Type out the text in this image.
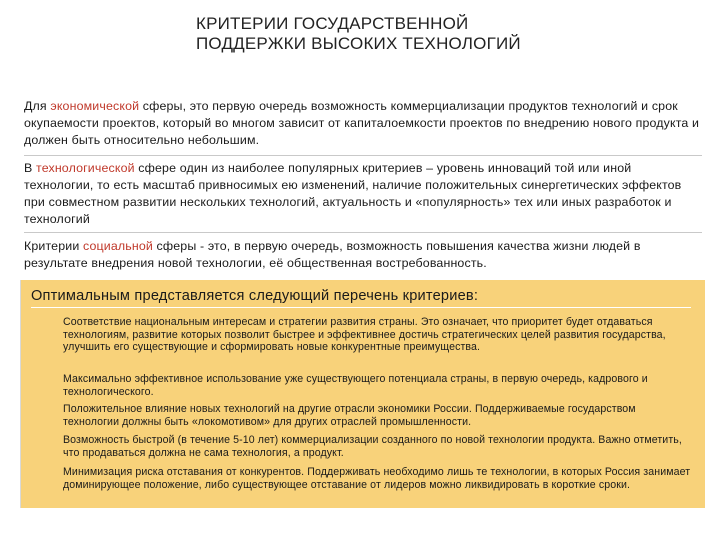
КРИТЕРИИ ГОСУДАРСТВЕННОЙ
ПОДДЕРЖКИ ВЫСОКИХ ТЕХНОЛОГИЙ
Для экономической сферы, это первую очередь возможность коммерциализации продуктов технологий и срок окупаемости проектов, который во многом зависит от капиталоемкости проектов по внедрению нового продукта и должен быть относительно небольшим.
В технологической сфере один из наиболее популярных критериев – уровень инноваций той или иной технологии, то есть масштаб привносимых ею изменений, наличие положительных синергетических эффектов при совместном развитии нескольких технологий, актуальность и «популярность» тех или иных разработок и технологий
Критерии социальной сферы - это, в первую очередь, возможность повышения качества жизни людей в результате внедрения новой технологии, её общественная востребованность.
Оптимальным представляется следующий перечень критериев:
Соответствие национальным интересам и стратегии развития страны. Это означает, что приоритет будет отдаваться технологиям, развитие которых позволит быстрее и эффективнее достичь стратегических целей развития государства, улучшить его существующие и сформировать новые конкурентные преимущества.
Максимально эффективное использование уже существующего потенциала страны, в первую очередь, кадрового и технологического.
Положительное влияние новых технологий на другие отрасли экономики России. Поддерживаемые государством технологии должны быть «локомотивом» для других отраслей промышленности.
Возможность быстрой (в течение 5-10 лет) коммерциализации созданного по новой технологии продукта. Важно отметить, что продаваться должна не сама технология, а продукт.
Минимизация риска отставания от конкурентов. Поддерживать необходимо лишь те технологии, в которых Россия занимает доминирующее положение, либо существующее отставание от лидеров можно ликвидировать в короткие сроки.
